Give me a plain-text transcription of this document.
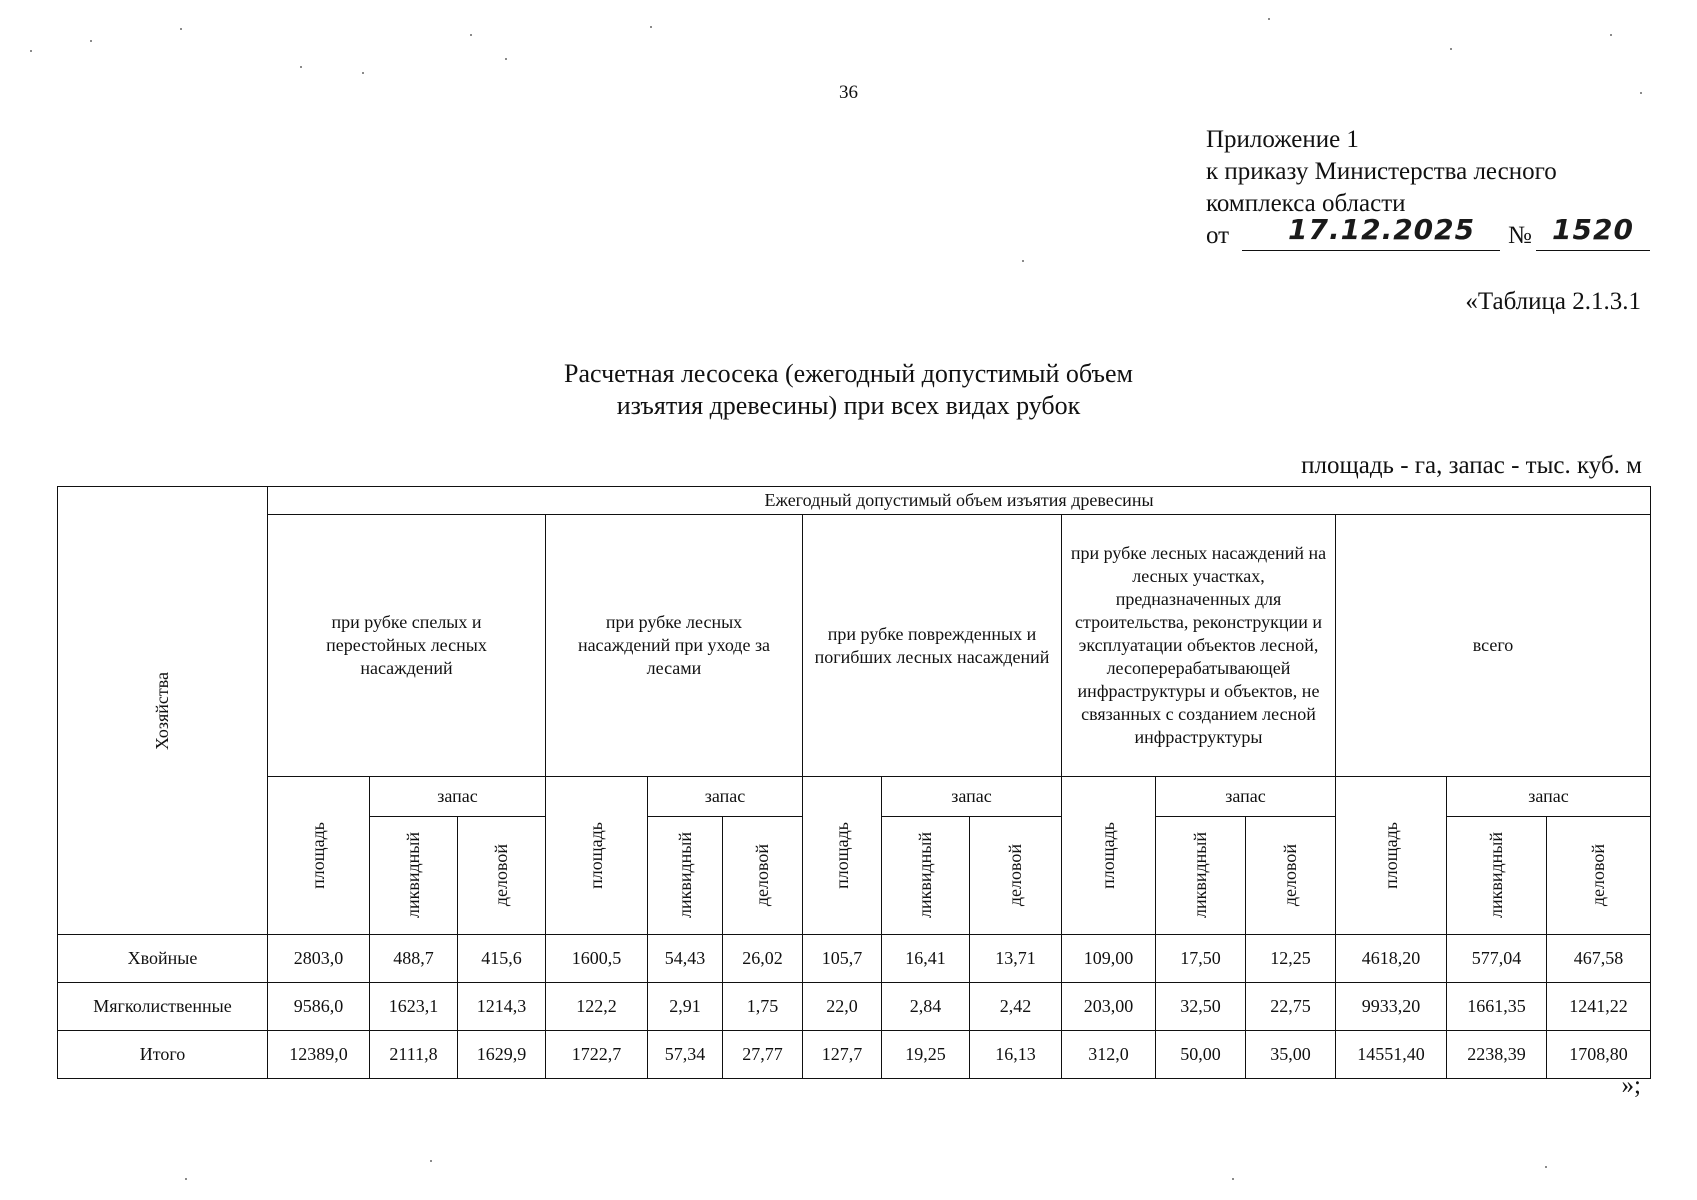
36
Приложение 1
к приказу Министерства лесного
комплекса области
от 17.12.2025 № 1520
«Таблица 2.1.3.1
Расчетная лесосека (ежегодный допустимый объем
изъятия древесины) при всех видах рубок
площадь - га, запас - тыс. куб. м
Хозяйства	Ежегодный допустимый объем изъятия древесины														
	при рубке спелых и перестойных лесных насаждений			при рубке лесных насаждений при уходе за лесами			при рубке поврежденных и погибших лесных насаждений			при рубке лесных насаждений на лесных участках, предназначенных для строительства, реконструкции и эксплуатации объектов лесной, лесоперерабатывающей инфраструктуры и объектов, не связанных с созданием лесной инфраструктуры			всего		

	площадь	запас		площадь	запас		площадь	запас		площадь	запас		площадь	запас	

		ликвидный	деловой		ликвидный	деловой		ликвидный	деловой		ликвидный	деловой		ликвидный	деловой

Хвойные	2803,0	488,7	415,6	1600,5	54,43	26,02	105,7	16,41	13,71	109,00	17,50	12,25	4618,20	577,04	467,58
Мягколиственные	9586,0	1623,1	1214,3	122,2	2,91	1,75	22,0	2,84	2,42	203,00	32,50	22,75	9933,20	1661,35	1241,22
Итого	12389,0	2111,8	1629,9	1722,7	57,34	27,77	127,7	19,25	16,13	312,0	50,00	35,00	14551,40	2238,39	1708,80
»;
